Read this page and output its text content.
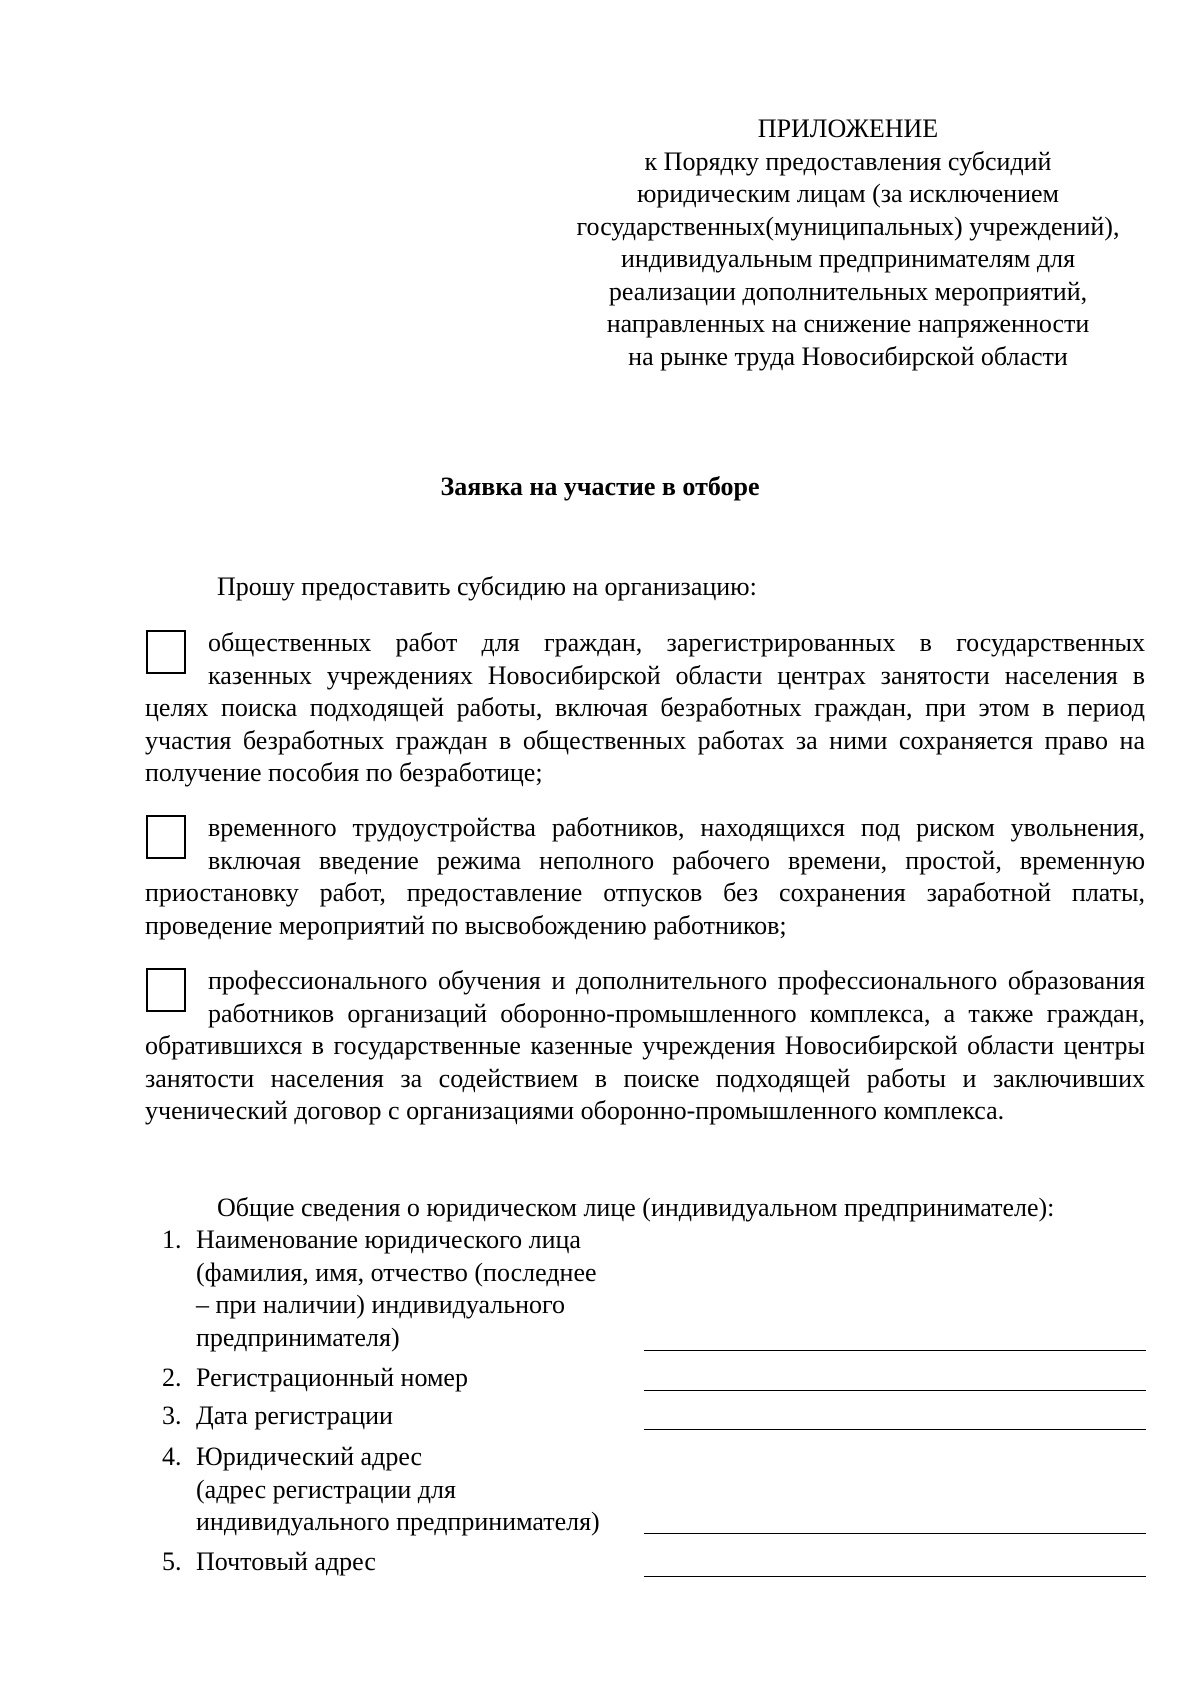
ПРИЛОЖЕНИЕ
к Порядку предоставления субсидий
юридическим лицам (за исключением
государственных(муниципальных) учреждений),
индивидуальным предпринимателям для
реализации дополнительных мероприятий,
направленных на снижение напряженности
на рынке труда Новосибирской области
Заявка на участие в отборе
Прошу предоставить субсидию на организацию:
общественных работ для граждан, зарегистрированных в государственных казенных учреждениях Новосибирской области центрах занятости населения в целях поиска подходящей работы, включая безработных граждан, при этом в период участия безработных граждан в общественных работах за ними сохраняется право на получение пособия по безработице;
временного трудоустройства работников, находящихся под риском увольнения, включая введение режима неполного рабочего времени, простой, временную приостановку работ, предоставление отпусков без сохранения заработной платы, проведение мероприятий по высвобождению работников;
профессионального обучения и дополнительного профессионального образования работников организаций оборонно-промышленного комплекса, а также граждан, обратившихся в государственные казенные учреждения Новосибирской области центры занятости населения за содействием в поиске подходящей работы и заключивших ученический договор с организациями оборонно-промышленного комплекса.
Общие сведения о юридическом лице (индивидуальном предпринимателе):
1. Наименование юридического лица
(фамилия, имя, отчество (последнее
– при наличии) индивидуального
предпринимателя)
2. Регистрационный номер
3. Дата регистрации
4. Юридический адрес
(адрес регистрации для
индивидуального предпринимателя)
5. Почтовый адрес
